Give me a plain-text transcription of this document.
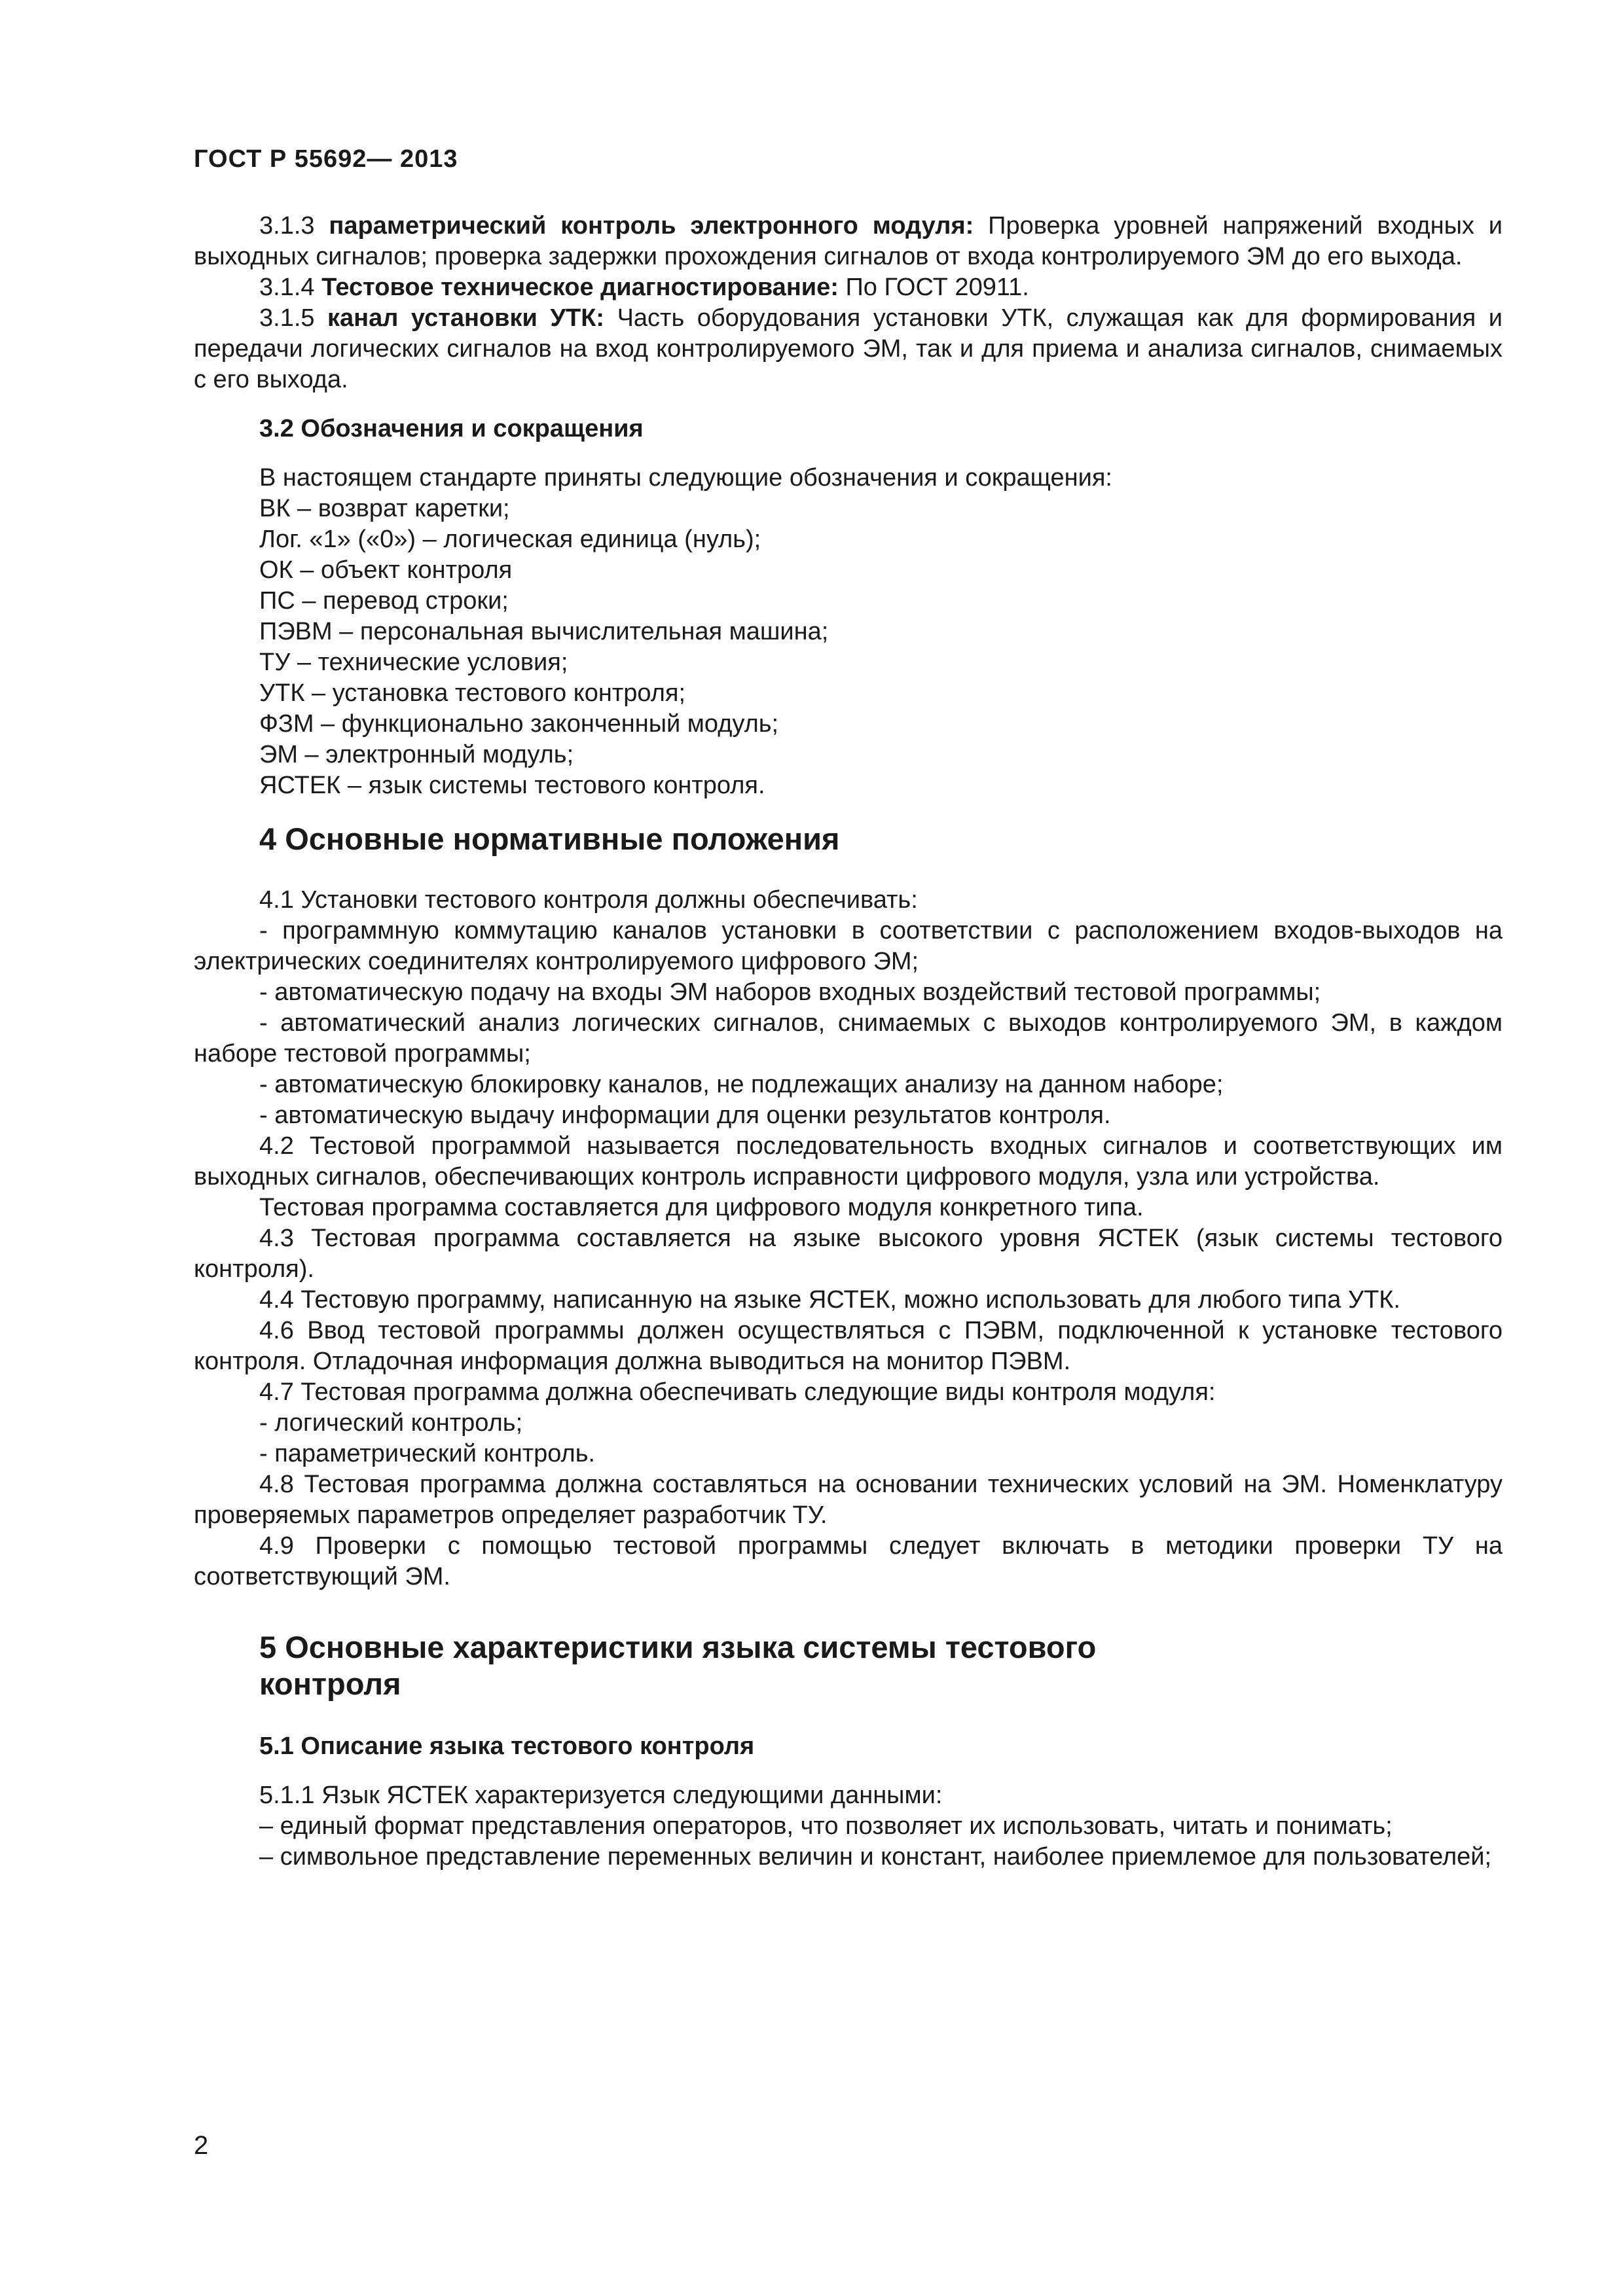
ГОСТ Р 55692— 2013

3.1.3 параметрический контроль электронного модуля: Проверка уровней напряжений входных и выходных сигналов; проверка задержки прохождения сигналов от входа контролируемого ЭМ до его выхода.

3.1.4 Тестовое техническое диагностирование: По ГОСТ 20911.

3.1.5 канал установки УТК: Часть оборудования установки УТК, служащая как для формирования и передачи логических сигналов на вход контролируемого ЭМ, так и для приема и анализа сигналов, снимаемых с его выхода.

3.2 Обозначения и сокращения

В настоящем стандарте приняты следующие обозначения и сокращения:

ВК – возврат каретки;

Лог. «1» («0») – логическая единица (нуль);

ОК – объект контроля

ПС – перевод строки;

ПЭВМ – персональная вычислительная машина;

ТУ – технические условия;

УТК – установка тестового контроля;

ФЗМ – функционально законченный модуль;

ЭМ – электронный модуль;

ЯСТЕК – язык системы тестового контроля.

4 Основные нормативные положения

4.1 Установки тестового контроля должны обеспечивать:

- программную коммутацию каналов установки в соответствии с расположением входов-выходов на электрических соединителях контролируемого цифрового ЭМ;

- автоматическую подачу на входы ЭМ наборов входных воздействий тестовой программы;

- автоматический анализ логических сигналов, снимаемых с выходов контролируемого ЭМ, в каждом наборе тестовой программы;

- автоматическую блокировку каналов, не подлежащих анализу на данном наборе;

- автоматическую выдачу информации для оценки результатов контроля.

4.2 Тестовой программой называется последовательность входных сигналов и соответствующих им выходных сигналов, обеспечивающих контроль исправности цифрового модуля, узла или устройства.

Тестовая программа составляется для цифрового модуля конкретного типа.

4.3 Тестовая программа составляется на языке высокого уровня ЯСТЕК (язык системы тестового контроля).

4.4 Тестовую программу, написанную на языке ЯСТЕК, можно использовать для любого типа УТК.

4.6 Ввод тестовой программы должен осуществляться с ПЭВМ, подключенной к установке тестового контроля. Отладочная информация должна выводиться на монитор ПЭВМ.

4.7 Тестовая программа должна обеспечивать следующие виды контроля модуля:

- логический контроль;

- параметрический контроль.

4.8 Тестовая программа должна составляться на основании технических условий на ЭМ. Номенклатуру проверяемых параметров определяет разработчик ТУ.

4.9 Проверки с помощью тестовой программы следует включать в методики проверки ТУ на соответствующий ЭМ.

5 Основные характеристики языка системы тестового
контроля
5.1 Описание языка тестового контроля

5.1.1 Язык ЯСТЕК характеризуется следующими данными:

– единый формат представления операторов, что позволяет их использовать, читать и понимать;

– символьное представление переменных величин и констант, наиболее приемлемое для пользователей;

2
